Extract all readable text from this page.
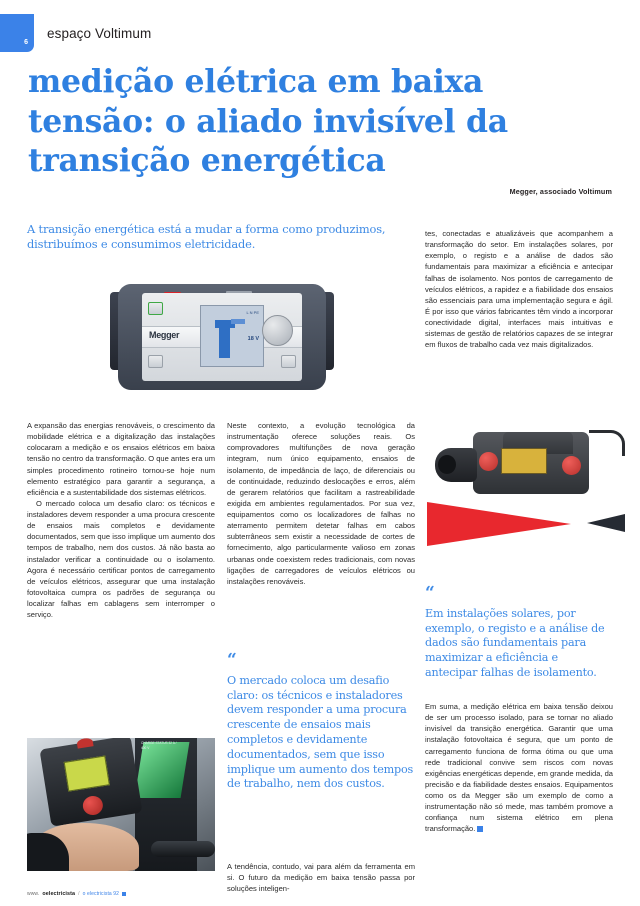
6
espaço Voltimum
medição elétrica em baixa tensão: o aliado invisível da transição energética
Megger, associado Voltimum
A transição energética está a mudar a forma como produzimos, distribuímos e consumimos eletricidade.
Megger
L N PE
18 V

tes, conectadas e atualizáveis que acompanhem a transformação do setor. Em instalações solares, por exemplo, o registo e a análise de dados são fundamentais para maximizar a eficiência e antecipar falhas de isolamento. Nos pontos de carregamento de veículos elétricos, a rapidez e a fiabilidade dos ensaios são essenciais para uma implementação segura e ágil. É por isso que vários fabricantes têm vindo a incorporar conectividade digital, interfaces mais intuitivas e sistemas de gestão de relatórios capazes de se integrar em fluxos de trabalho cada vez mais digitalizados.

“
Em instalações solares, por exemplo, o registo e a análise de dados são fundamentais para maximizar a eficiência e antecipar falhas de isolamento.
Em suma, a medição elétrica em baixa tensão deixou de ser um processo isolado, para se tornar no aliado invisível da transição energética. Garantir que uma instalação fotovoltaica é segura, que um ponto de carregamento funciona de forma ótima ou que uma rede tradicional convive sem riscos com novas exigências energéticas depende, em grande medida, da precisão e da fiabilidade destes ensaios. Equipamentos como os da Megger são um exemplo de como a instrumentação não só mede, mas também promove a confiança num sistema elétrico em plena transformação.

A expansão das energias renováveis, o crescimento da mobilidade elétrica e a digitalização das instalações colocaram a medição e os ensaios elétricos em baixa tensão no centro da transformação. O que antes era um simples procedimento rotineiro tornou-se hoje num elemento estratégico para garantir a segurança, a eficiência e a sustentabilidade dos sistemas elétricos.

O mercado coloca um desafio claro: os técnicos e instaladores devem responder a uma procura crescente de ensaios mais completos e devidamente documentados, sem que isso implique um aumento dos tempos de trabalho, nem dos custos. Já não basta ao instalador verificar a continuidade ou o isolamento. Agora é necessário certificar pontos de carregamento de veículos elétricos, assegurar que uma instalação fotovoltaica cumpra os padrões de segurança ou localizar falhas em cablagens sem interromper o serviço.

CHARGE STATUS 32 A / 400 V

Neste contexto, a evolução tecnológica da instrumentação oferece soluções reais. Os comprovadores multifunções de nova geração integram, num único equipamento, ensaios de isolamento, de impedância de laço, de diferenciais ou de continuidade, reduzindo deslocações e erros, além de gerarem relatórios que facilitam a rastreabilidade exigida em ambientes regulamentados. Por sua vez, equipamentos como os localizadores de falhas no aterramento permitem detetar falhas em cabos subterrâneos sem existir a necessidade de cortes de fornecimento, algo particularmente valioso em zonas urbanas onde coexistem redes tradicionais, com novas ligações de carregadores de veículos elétricos ou instalações renováveis.

“
O mercado coloca um desafio claro: os técnicos e instaladores devem responder a uma procura crescente de ensaios mais completos e devidamente documentados, sem que isso implique um aumento dos tempos de trabalho, nem dos custos.
A tendência, contudo, vai para além da ferramenta em si. O futuro da medição em baixa tensão passa por soluções inteligen-
www. oelectricista / o electricista 92
